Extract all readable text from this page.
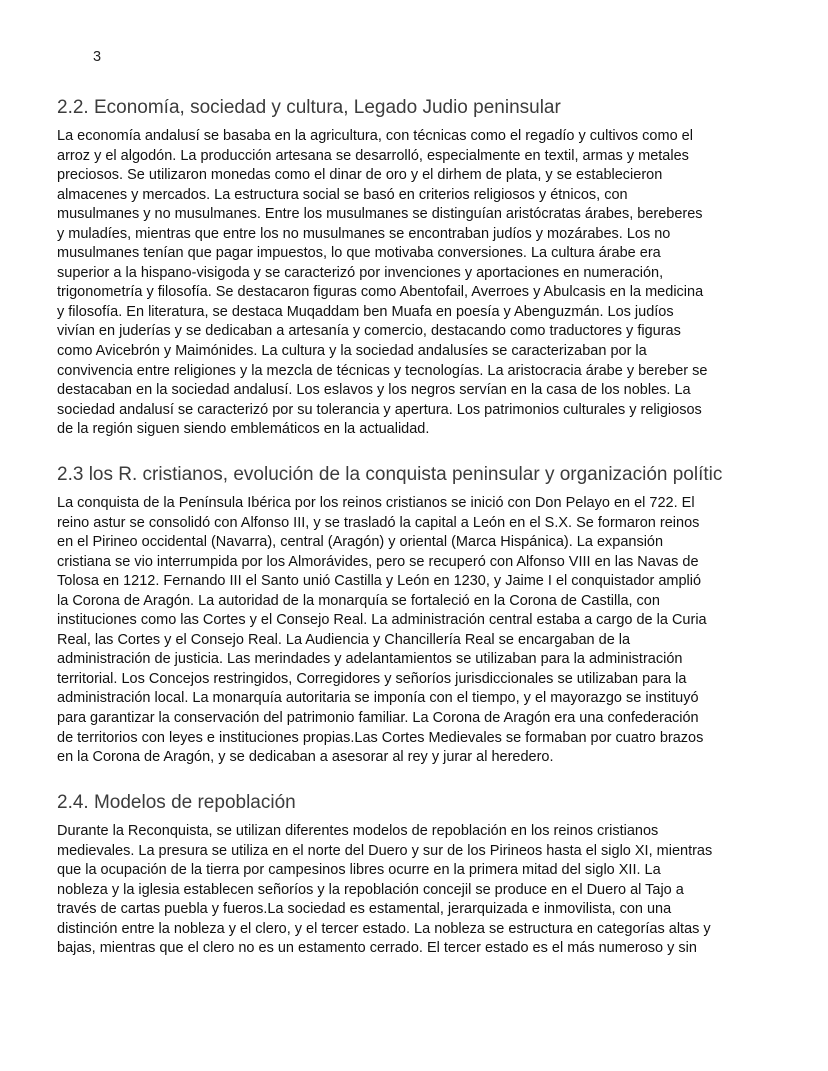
3
2.2. Economía, sociedad y cultura, Legado Judio peninsular

La economía andalusí se basaba en la agricultura, con técnicas como el regadío y cultivos como el
arroz y el algodón. La producción artesana se desarrolló, especialmente en textil, armas y metales
preciosos. Se utilizaron monedas como el dinar de oro y el dirhem de plata, y se establecieron
almacenes y mercados. La estructura social se basó en criterios religiosos y étnicos, con
musulmanes y no musulmanes. Entre los musulmanes se distinguían aristócratas árabes, bereberes
y muladíes, mientras que entre los no musulmanes se encontraban judíos y mozárabes. Los no
musulmanes tenían que pagar impuestos, lo que motivaba conversiones. La cultura árabe era
superior a la hispano-visigoda y se caracterizó por invenciones y aportaciones en numeración,
trigonometría y filosofía. Se destacaron figuras como Abentofail, Averroes y Abulcasis en la medicina
y filosofía. En literatura, se destaca Muqaddam ben Muafa en poesía y Abenguzmán. Los judíos
vivían en juderías y se dedicaban a artesanía y comercio, destacando como traductores y figuras
como Avicebrón y Maimónides. La cultura y la sociedad andalusíes se caracterizaban por la
convivencia entre religiones y la mezcla de técnicas y tecnologías. La aristocracia árabe y bereber se
destacaban en la sociedad andalusí. Los eslavos y los negros servían en la casa de los nobles. La
sociedad andalusí se caracterizó por su tolerancia y apertura. Los patrimonios culturales y religiosos
de la región siguen siendo emblemáticos en la actualidad.

2.3 los R. cristianos, evolución de la conquista peninsular y organización polític

La conquista de la Península Ibérica por los reinos cristianos se inició con Don Pelayo en el 722. El
reino astur se consolidó con Alfonso III, y se trasladó la capital a León en el S.X. Se formaron reinos
en el Pirineo occidental (Navarra), central (Aragón) y oriental (Marca Hispánica). La expansión
cristiana se vio interrumpida por los Almorávides, pero se recuperó con Alfonso VIII en las Navas de
Tolosa en 1212. Fernando III el Santo unió Castilla y León en 1230, y Jaime I el conquistador amplió
la Corona de Aragón. La autoridad de la monarquía se fortaleció en la Corona de Castilla, con
instituciones como las Cortes y el Consejo Real. La administración central estaba a cargo de la Curia
Real, las Cortes y el Consejo Real. La Audiencia y Chancillería Real se encargaban de la
administración de justicia. Las merindades y adelantamientos se utilizaban para la administración
territorial. Los Concejos restringidos, Corregidores y señoríos jurisdiccionales se utilizaban para la
administración local. La monarquía autoritaria se imponía con el tiempo, y el mayorazgo se instituyó
para garantizar la conservación del patrimonio familiar. La Corona de Aragón era una confederación
de territorios con leyes e instituciones propias.Las Cortes Medievales se formaban por cuatro brazos
en la Corona de Aragón, y se dedicaban a asesorar al rey y jurar al heredero.

2.4. Modelos de repoblación

Durante la Reconquista, se utilizan diferentes modelos de repoblación en los reinos cristianos
medievales. La presura se utiliza en el norte del Duero y sur de los Pirineos hasta el siglo XI, mientras
que la ocupación de la tierra por campesinos libres ocurre en la primera mitad del siglo XII. La
nobleza y la iglesia establecen señoríos y la repoblación concejil se produce en el Duero al Tajo a
través de cartas puebla y fueros.La sociedad es estamental, jerarquizada e inmovilista, con una
distinción entre la nobleza y el clero, y el tercer estado. La nobleza se estructura en categorías altas y
bajas, mientras que el clero no es un estamento cerrado. El tercer estado es el más numeroso y sin
